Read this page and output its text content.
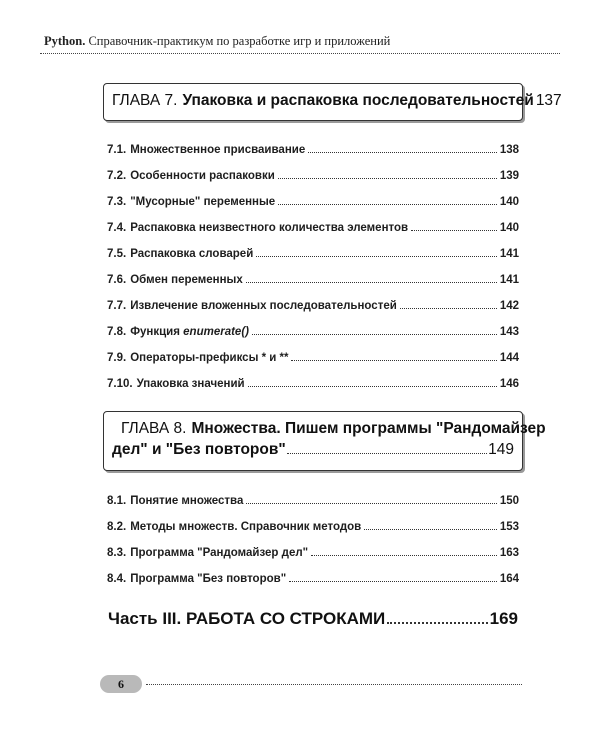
Python. Справочник-практикум по разработке игр и приложений
ГЛАВА 7. Упаковка и распаковка последовательностей 137
7.1. Множественное присваивание	138
7.2. Особенности распаковки	139
7.3. "Мусорные" переменные	140
7.4. Распаковка неизвестного количества элементов	140
7.5. Распаковка словарей	141
7.6. Обмен переменных	141
7.7. Извлечение вложенных последовательностей	142
7.8. Функция enumerate()	143
7.9. Операторы-префиксы * и **	144
7.10. Упаковка значений	146
ГЛАВА 8. Множества. Пишем программы "Рандомайзер
дел" и "Без повторов"	149
8.1. Понятие множества	150
8.2. Методы множеств. Справочник методов	153
8.3. Программа "Рандомайзер дел"	163
8.4. Программа "Без повторов"	164
Часть III. РАБОТА СО СТРОКАМИ	169
6
